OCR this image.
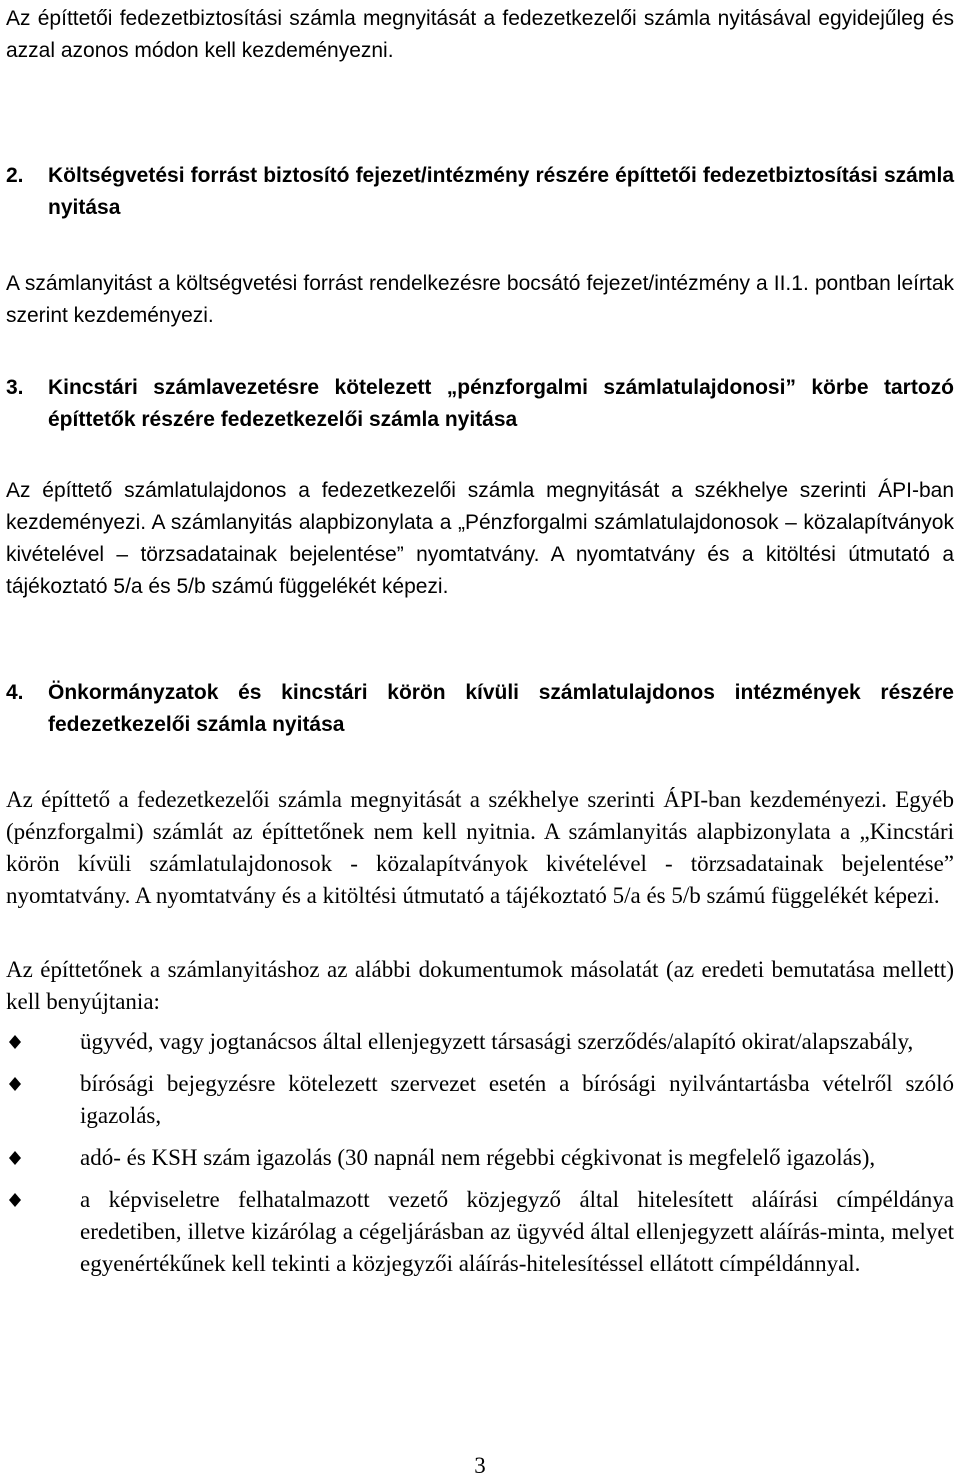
Az építtetői fedezetbiztosítási számla megnyitását a fedezetkezelői számla nyitásával egyidejűleg és azzal azonos módon kell kezdeményezni.

2.	Költségvetési forrást biztosító fejezet/intézmény részére építtetői fedezetbiztosítási számla nyitása

A számlanyitást a költségvetési forrást rendelkezésre bocsátó fejezet/intézmény a II.1. pontban leírtak szerint kezdeményezi.

3.	Kincstári számlavezetésre kötelezett „pénzforgalmi számlatulajdonosi” körbe tartozó építtetők részére fedezetkezelői számla nyitása

Az építtető számlatulajdonos a fedezetkezelői számla megnyitását a székhelye szerinti ÁPI-ban kezdeményezi. A számlanyitás alapbizonylata a „Pénzforgalmi számlatulajdonosok – közalapítványok kivételével – törzsadatainak bejelentése” nyomtatvány. A nyomtatvány és a kitöltési útmutató a tájékoztató 5/a és 5/b számú függelékét képezi.

4.	Önkormányzatok és kincstári körön kívüli számlatulajdonos intézmények részére fedezetkezelői számla nyitása

Az építtető a fedezetkezelői számla megnyitását a székhelye szerinti ÁPI-ban kezdeményezi. Egyéb (pénzforgalmi) számlát az építtetőnek nem kell nyitnia. A számlanyitás alapbizonylata a „Kincstári körön kívüli számlatulajdonosok - közalapítványok kivételével - törzsadatainak bejelentése” nyomtatvány. A nyomtatvány és a kitöltési útmutató a tájékoztató 5/a és 5/b számú függelékét képezi.

Az építtetőnek a számlanyitáshoz az alábbi dokumentumok másolatát (az eredeti bemutatása mellett) kell benyújtania:

ügyvéd, vagy jogtanácsos által ellenjegyzett társasági szerződés/alapító okirat/alapszabály,
bírósági bejegyzésre kötelezett szervezet esetén a bírósági nyilvántartásba vételről szóló igazolás,
adó- és KSH szám igazolás (30 napnál nem régebbi cégkivonat is megfelelő igazolás),
a képviseletre felhatalmazott vezető közjegyző által hitelesített aláírási címpéldánya eredetiben, illetve kizárólag a cégeljárásban az ügyvéd által ellenjegyzett aláírás-minta, melyet egyenértékűnek kell tekinti a közjegyzői aláírás-hitelesítéssel ellátott címpéldánnyal.
3
